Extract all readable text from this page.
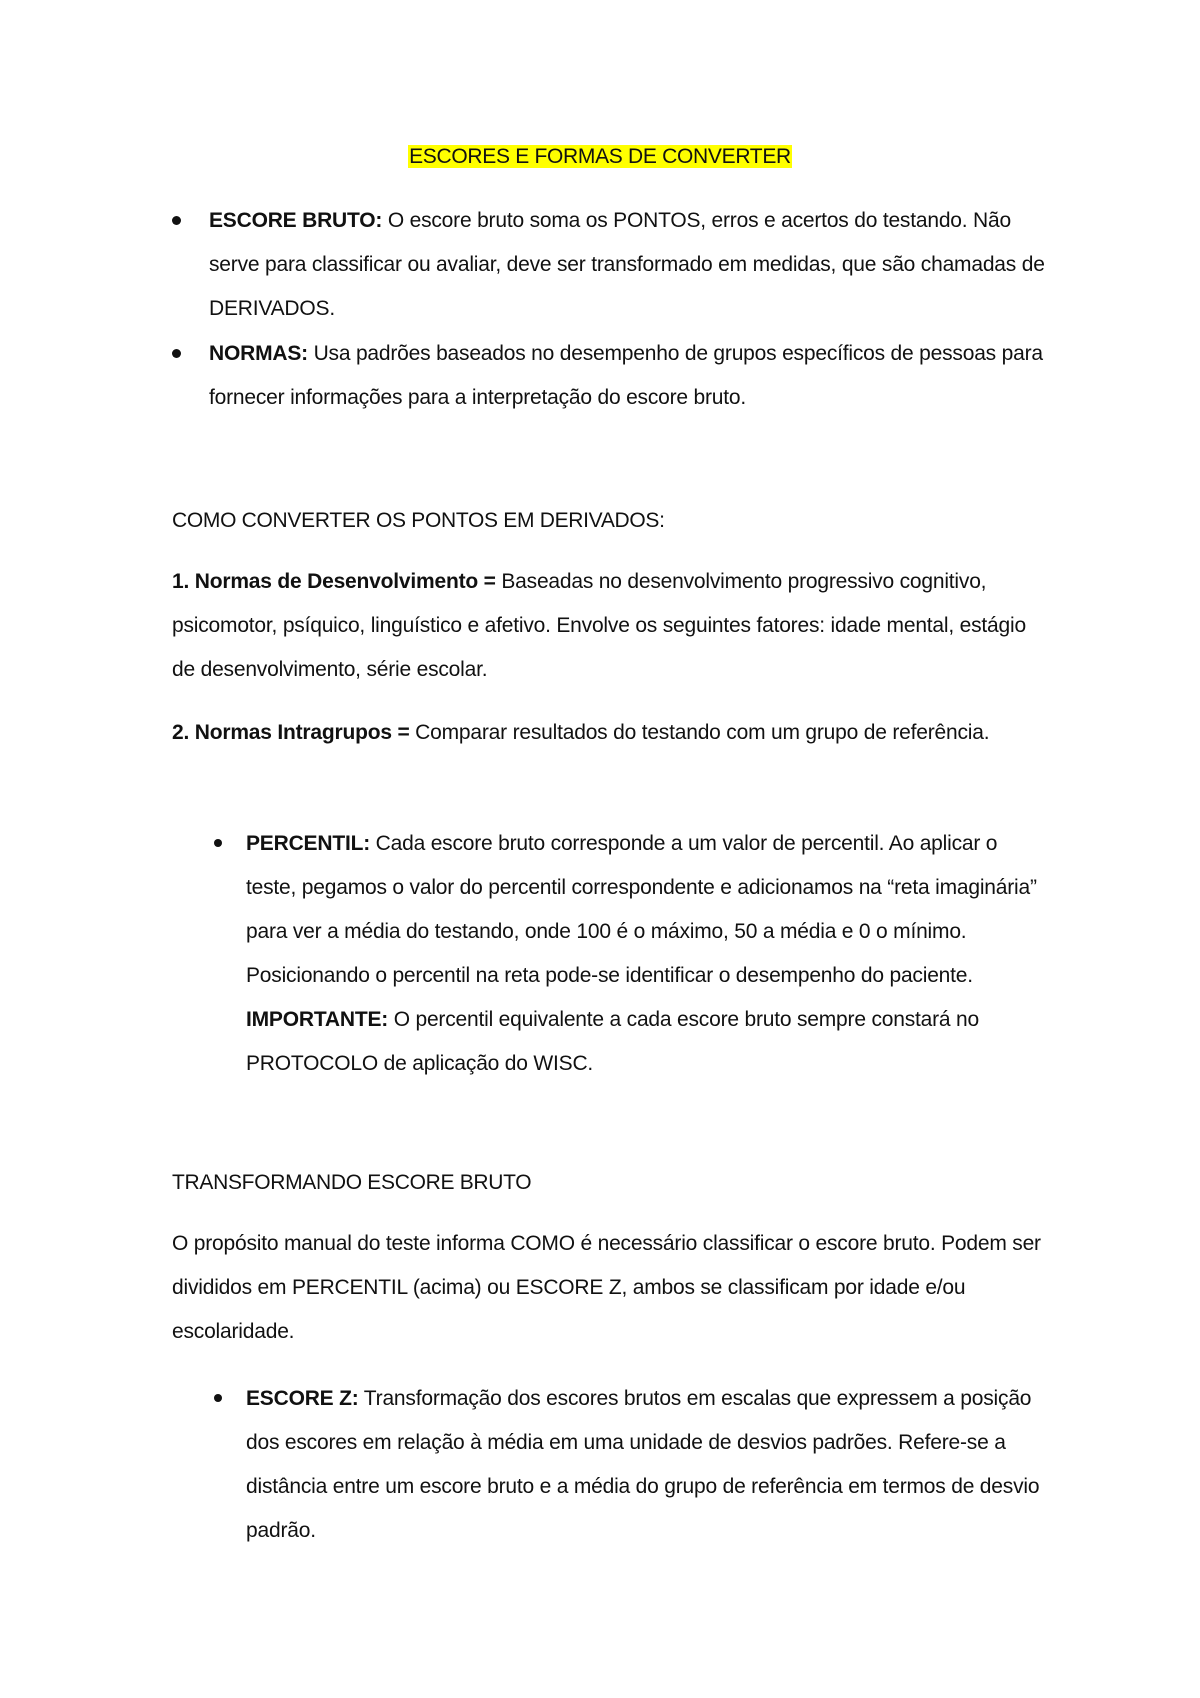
ESCORES E FORMAS DE CONVERTER
ESCORE BRUTO: O escore bruto soma os PONTOS, erros e acertos do testando. Não serve para classificar ou avaliar, deve ser transformado em medidas, que são chamadas de DERIVADOS.
NORMAS: Usa padrões baseados no desempenho de grupos específicos de pessoas para fornecer informações para a interpretação do escore bruto.
COMO CONVERTER OS PONTOS EM DERIVADOS:
1. Normas de Desenvolvimento = Baseadas no desenvolvimento progressivo cognitivo, psicomotor, psíquico, linguístico e afetivo. Envolve os seguintes fatores: idade mental, estágio de desenvolvimento, série escolar.
2. Normas Intragrupos = Comparar resultados do testando com um grupo de referência.
PERCENTIL: Cada escore bruto corresponde a um valor de percentil. Ao aplicar o teste, pegamos o valor do percentil correspondente e adicionamos na “reta imaginária” para ver a média do testando, onde 100 é o máximo, 50 a média e 0 o mínimo. Posicionando o percentil na reta pode-se identificar o desempenho do paciente. IMPORTANTE: O percentil equivalente a cada escore bruto sempre constará no PROTOCOLO de aplicação do WISC.
TRANSFORMANDO ESCORE BRUTO
O propósito manual do teste informa COMO é necessário classificar o escore bruto. Podem ser divididos em PERCENTIL (acima) ou ESCORE Z, ambos se classificam por idade e/ou escolaridade.
ESCORE Z: Transformação dos escores brutos em escalas que expressem a posição dos escores em relação à média em uma unidade de desvios padrões. Refere-se a distância entre um escore bruto e a média do grupo de referência em termos de desvio padrão.
